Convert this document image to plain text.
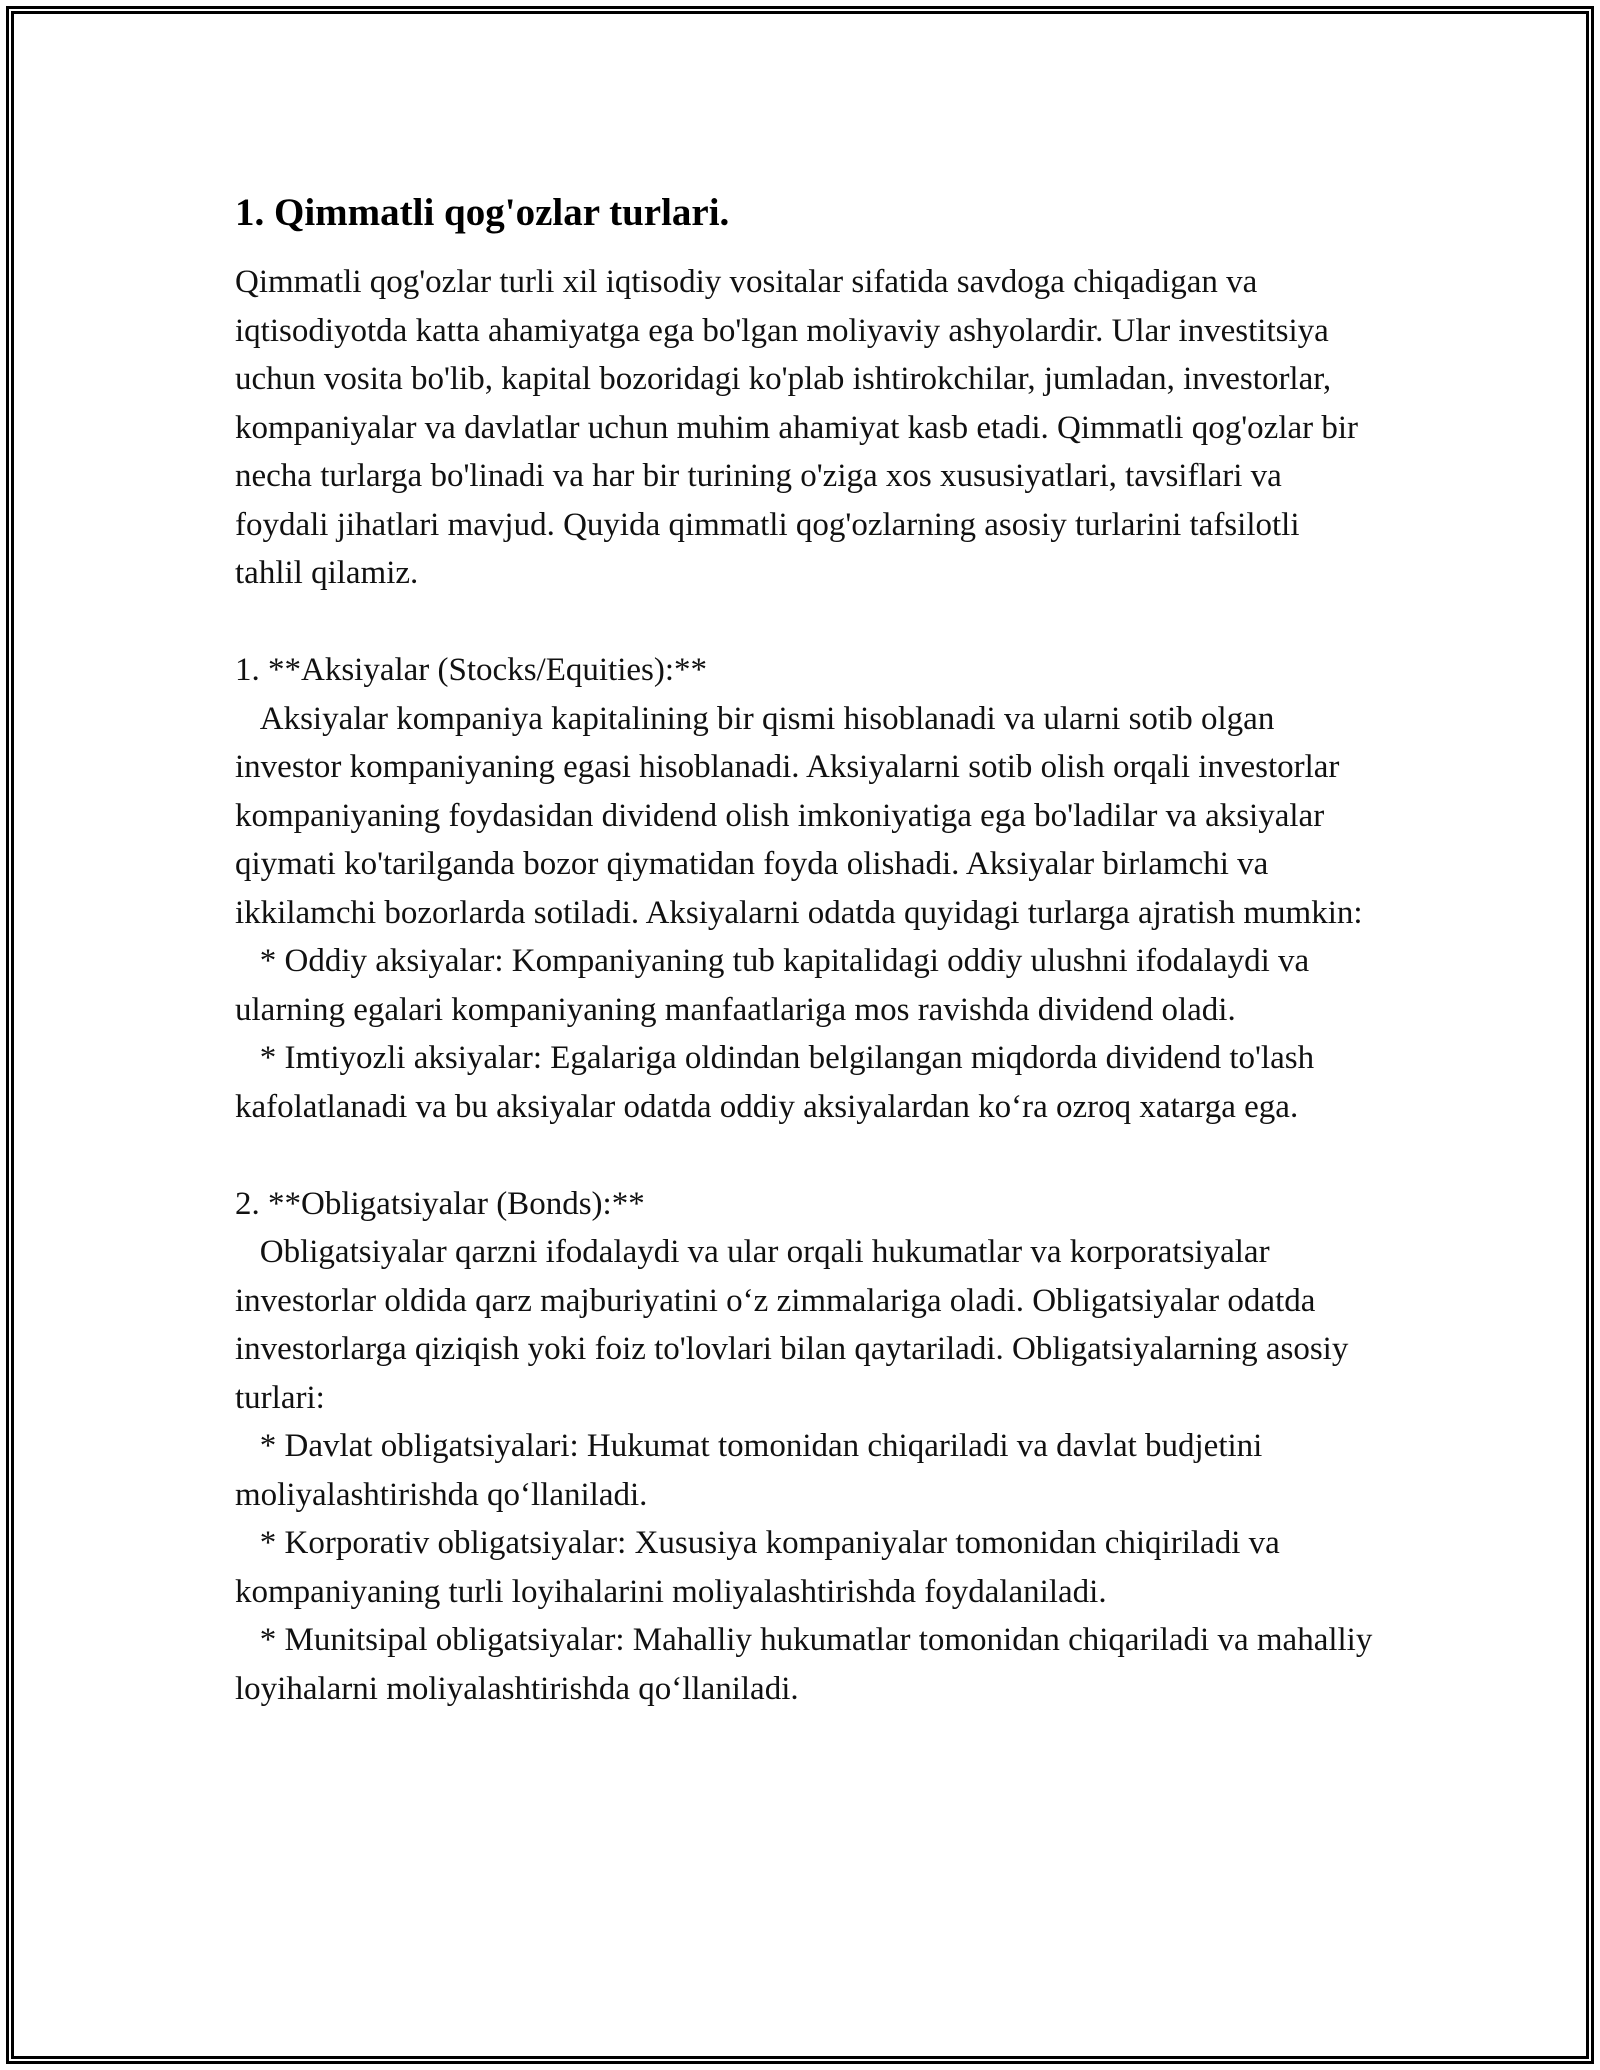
1. Qimmatli qog'ozlar turlari.

Qimmatli qog'ozlar turli xil iqtisodiy vositalar sifatida savdoga chiqadigan va iqtisodiyotda katta ahamiyatga ega bo'lgan moliyaviy ashyolardir. Ular investitsiya uchun vosita bo'lib, kapital bozoridagi ko'plab ishtirokchilar, jumladan, investorlar, kompaniyalar va davlatlar uchun muhim ahamiyat kasb etadi. Qimmatli qog'ozlar bir necha turlarga bo'linadi va har bir turining o'ziga xos xususiyatlari, tavsiflari va foydali jihatlari mavjud. Quyida qimmatli qog'ozlarning asosiy turlarini tafsilotli tahlil qilamiz.

1. **Aksiyalar (Stocks/Equities):**

Aksiyalar kompaniya kapitalining bir qismi hisoblanadi va ularni sotib olgan investor kompaniyaning egasi hisoblanadi. Aksiyalarni sotib olish orqali investorlar kompaniyaning foydasidan dividend olish imkoniyatiga ega bo'ladilar va aksiyalar qiymati ko'tarilganda bozor qiymatidan foyda olishadi. Aksiyalar birlamchi va ikkilamchi bozorlarda sotiladi. Aksiyalarni odatda quyidagi turlarga ajratish mumkin:

* Oddiy aksiyalar: Kompaniyaning tub kapitalidagi oddiy ulushni ifodalaydi va ularning egalari kompaniyaning manfaatlariga mos ravishda dividend oladi.

* Imtiyozli aksiyalar: Egalariga oldindan belgilangan miqdorda dividend to'lash kafolatlanadi va bu aksiyalar odatda oddiy aksiyalardan ko‘ra ozroq xatarga ega.

2. **Obligatsiyalar (Bonds):**

Obligatsiyalar qarzni ifodalaydi va ular orqali hukumatlar va korporatsiyalar investorlar oldida qarz majburiyatini o‘z zimmalariga oladi. Obligatsiyalar odatda investorlarga qiziqish yoki foiz to'lovlari bilan qaytariladi. Obligatsiyalarning asosiy turlari:

* Davlat obligatsiyalari: Hukumat tomonidan chiqariladi va davlat budjetini moliyalashtirishda qo‘llaniladi.

* Korporativ obligatsiyalar: Xususiya kompaniyalar tomonidan chiqiriladi va kompaniyaning turli loyihalarini moliyalashtirishda foydalaniladi.

* Munitsipal obligatsiyalar: Mahalliy hukumatlar tomonidan chiqariladi va mahalliy loyihalarni moliyalashtirishda qo‘llaniladi.
